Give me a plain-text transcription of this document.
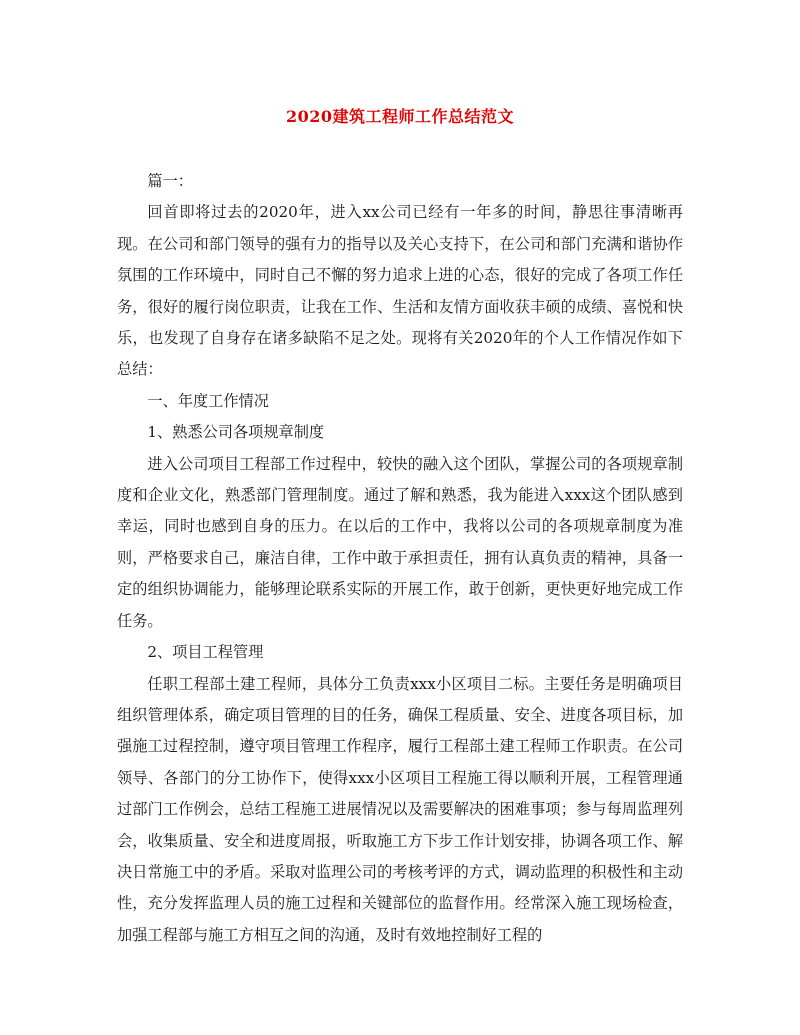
2020建筑工程师工作总结范文

篇一：

回首即将过去的2020年，进入xx公司已经有一年多的时间，静思往事清晰再现。在公司和部门领导的强有力的指导以及关心支持下，在公司和部门充满和谐协作氛围的工作环境中，同时自己不懈的努力追求上进的心态，很好的完成了各项工作任务，很好的履行岗位职责，让我在工作、生活和友情方面收获丰硕的成绩、喜悦和快乐，也发现了自身存在诸多缺陷不足之处。现将有关2020年的个人工作情况作如下总结：

一、年度工作情况

1、熟悉公司各项规章制度

进入公司项目工程部工作过程中，较快的融入这个团队，掌握公司的各项规章制度和企业文化，熟悉部门管理制度。通过了解和熟悉，我为能进入xxx这个团队感到幸运，同时也感到自身的压力。在以后的工作中，我将以公司的各项规章制度为准则，严格要求自己，廉洁自律，工作中敢于承担责任，拥有认真负责的精神，具备一定的组织协调能力，能够理论联系实际的开展工作，敢于创新，更快更好地完成工作任务。

2、项目工程管理

任职工程部土建工程师，具体分工负责xxx小区项目二标。主要任务是明确项目组织管理体系，确定项目管理的目的任务，确保工程质量、安全、进度各项目标，加强施工过程控制，遵守项目管理工作程序，履行工程部土建工程师工作职责。在公司领导、各部门的分工协作下，使得xxx小区项目工程施工得以顺利开展，工程管理通过部门工作例会，总结工程施工进展情况以及需要解决的困难事项；参与每周监理列会，收集质量、安全和进度周报，听取施工方下步工作计划安排，协调各项工作、解决日常施工中的矛盾。采取对监理公司的考核考评的方式，调动监理的积极性和主动性，充分发挥监理人员的施工过程和关键部位的监督作用。经常深入施工现场检查，加强工程部与施工方相互之间的沟通，及时有效地控制好工程的
